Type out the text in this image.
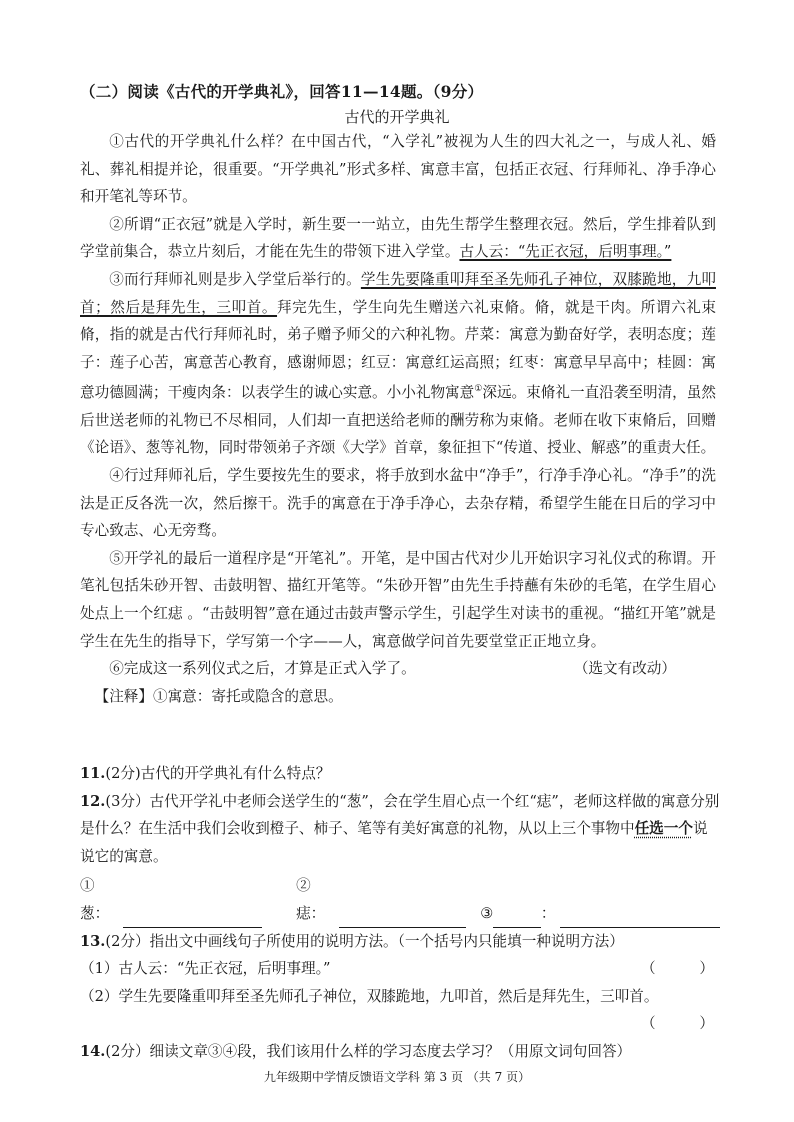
（二）阅读《古代的开学典礼》，回答11—14题。（9分）
古代的开学典礼

①古代的开学典礼什么样？在中国古代，“入学礼”被视为人生的四大礼之一，与成人礼、婚礼、葬礼相提并论，很重要。“开学典礼”形式多样、寓意丰富，包括正衣冠、行拜师礼、净手净心和开笔礼等环节。

②所谓“正衣冠”就是入学时，新生要一一站立，由先生帮学生整理衣冠。然后，学生排着队到学堂前集合，恭立片刻后，才能在先生的带领下进入学堂。古人云：“先正衣冠，后明事理。”

③而行拜师礼则是步入学堂后举行的。学生先要隆重叩拜至圣先师孔子神位，双膝跪地，九叩首；然后是拜先生，三叩首。拜完先生，学生向先生赠送六礼束脩。脩，就是干肉。所谓六礼束脩，指的就是古代行拜师礼时，弟子赠予师父的六种礼物。芹菜：寓意为勤奋好学，表明态度；莲子：莲子心苦，寓意苦心教育，感谢师恩；红豆：寓意红运高照；红枣：寓意早早高中；桂圆：寓意功德圆满；干瘦肉条：以表学生的诚心实意。小小礼物寓意①深远。束脩礼一直沿袭至明清，虽然后世送老师的礼物已不尽相同，人们却一直把送给老师的酬劳称为束脩。老师在收下束脩后，回赠《论语》、葱等礼物，同时带领弟子齐颂《大学》首章，象征担下“传道、授业、解惑”的重责大任。

④行过拜师礼后，学生要按先生的要求，将手放到水盆中“净手”，行净手净心礼。“净手”的洗法是正反各洗一次，然后擦干。洗手的寓意在于净手净心，去杂存精，希望学生能在日后的学习中专心致志、心无旁骛。

⑤开学礼的最后一道程序是“开笔礼”。开笔，是中国古代对少儿开始识字习礼仪式的称谓。开笔礼包括朱砂开智、击鼓明智、描红开笔等。“朱砂开智”由先生手持蘸有朱砂的毛笔，在学生眉心处点上一个红痣 。“击鼓明智”意在通过击鼓声警示学生，引起学生对读书的重视。“描红开笔”就是学生在先生的指导下，学写第一个字——人，寓意做学问首先要堂堂正正地立身。

⑥完成这一系列仪式之后，才算是正式入学了。	（选文有改动）

【注释】①寓意：寄托或隐含的意思。

11.(2分)古代的开学典礼有什么特点？

12.(3分）古代开学礼中老师会送学生的“葱”，会在学生眉心点一个红“痣”，老师这样做的寓意分别是什么？在生活中我们会收到橙子、柿子、笔等有美好寓意的礼物，从以上三个事物中任选一个说说它的寓意。

①葱：
②痣：	③	：

13.(2分）指出文中画线句子所使用的说明方法。（一个括号内只能填一种说明方法）

（1）古人云：“先正衣冠，后明事理。”	（　　　）

（2）学生先要隆重叩拜至圣先师孔子神位，双膝跪地，九叩首，然后是拜先生，三叩首。

（　　　）

14.(2分）细读文章③④段，我们该用什么样的学习态度去学习？（用原文词句回答）

九年级期中学情反馈语文学科 第 3 页 （共 7 页）
